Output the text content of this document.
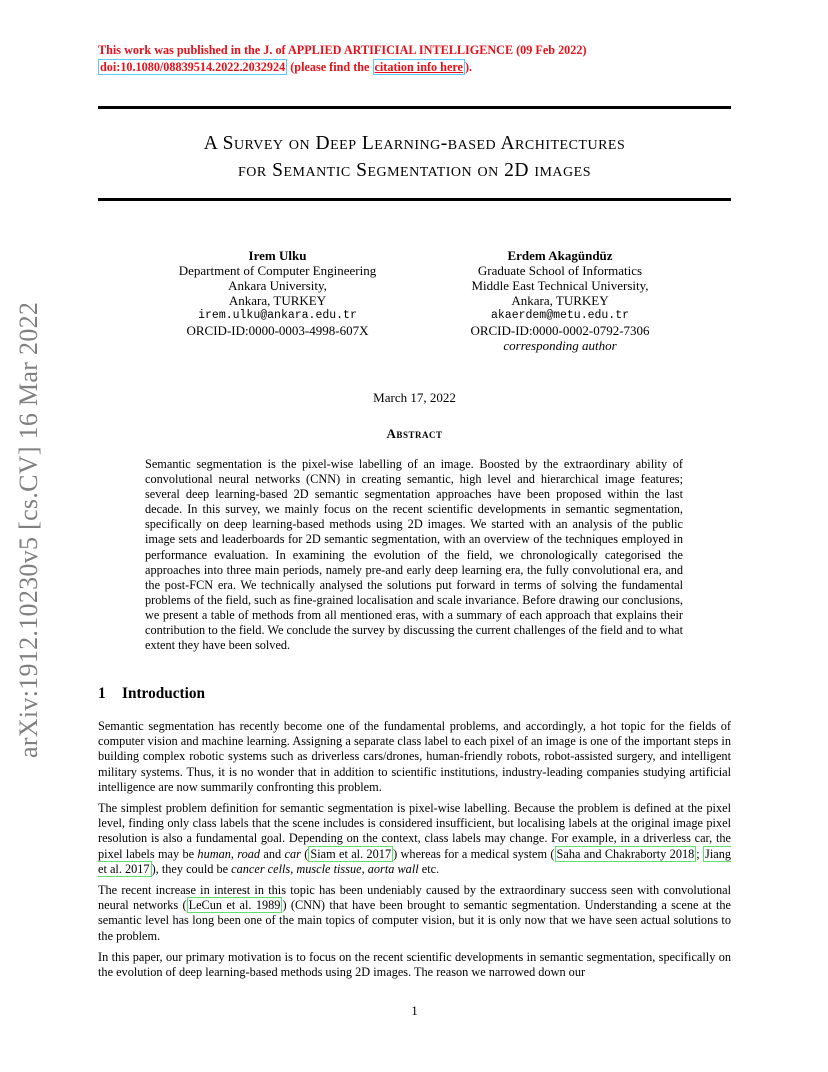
This work was published in the J. of APPLIED ARTIFICIAL INTELLIGENCE (09 Feb 2022)
doi:10.1080/08839514.2022.2032924 (please find the citation info here ).
A Survey on Deep Learning-based Architectures
for Semantic Segmentation on 2D images
Irem Ulku
Department of Computer Engineering
Ankara University,
Ankara, TURKEY
irem.ulku@ankara.edu.tr
ORCID-ID:0000-0003-4998-607X
Erdem Akagündüz
Graduate School of Informatics
Middle East Technical University,
Ankara, TURKEY
akaerdem@metu.edu.tr
ORCID-ID:0000-0002-0792-7306
corresponding author
March 17, 2022
Abstract
Semantic segmentation is the pixel-wise labelling of an image. Boosted by the extraordinary ability of convolutional neural networks (CNN) in creating semantic, high level and hierarchical image features; several deep learning-based 2D semantic segmentation approaches have been proposed within the last decade. In this survey, we mainly focus on the recent scientific developments in semantic segmentation, specifically on deep learning-based methods using 2D images. We started with an analysis of the public image sets and leaderboards for 2D semantic segmentation, with an overview of the techniques employed in performance evaluation. In examining the evolution of the field, we chronologically categorised the approaches into three main periods, namely pre-and early deep learning era, the fully convolutional era, and the post-FCN era. We technically analysed the solutions put forward in terms of solving the fundamental problems of the field, such as fine-grained localisation and scale invariance. Before drawing our conclusions, we present a table of methods from all mentioned eras, with a summary of each approach that explains their contribution to the field. We conclude the survey by discussing the current challenges of the field and to what extent they have been solved.
1 Introduction

Semantic segmentation has recently become one of the fundamental problems, and accordingly, a hot topic for the fields of computer vision and machine learning. Assigning a separate class label to each pixel of an image is one of the important steps in building complex robotic systems such as driverless cars/drones, human-friendly robots, robot-assisted surgery, and intelligent military systems. Thus, it is no wonder that in addition to scientific institutions, industry-leading companies studying artificial intelligence are now summarily confronting this problem.

The simplest problem definition for semantic segmentation is pixel-wise labelling. Because the problem is defined at the pixel level, finding only class labels that the scene includes is considered insufficient, but localising labels at the original image pixel resolution is also a fundamental goal. Depending on the context, class labels may change. For example, in a driverless car, the pixel labels may be human, road and car ( Siam et al. 2017 ) whereas for a medical system ( Saha and Chakraborty 2018 ; Jiang et al. 2017 ), they could be cancer cells, muscle tissue, aorta wall etc.

The recent increase in interest in this topic has been undeniably caused by the extraordinary success seen with convolutional neural networks ( LeCun et al. 1989 ) (CNN) that have been brought to semantic segmentation. Understanding a scene at the semantic level has long been one of the main topics of computer vision, but it is only now that we have seen actual solutions to the problem.

In this paper, our primary motivation is to focus on the recent scientific developments in semantic segmentation, specifically on the evolution of deep learning-based methods using 2D images. The reason we narrowed down our

1
arXiv:1912.10230v5 [cs.CV] 16 Mar 2022
